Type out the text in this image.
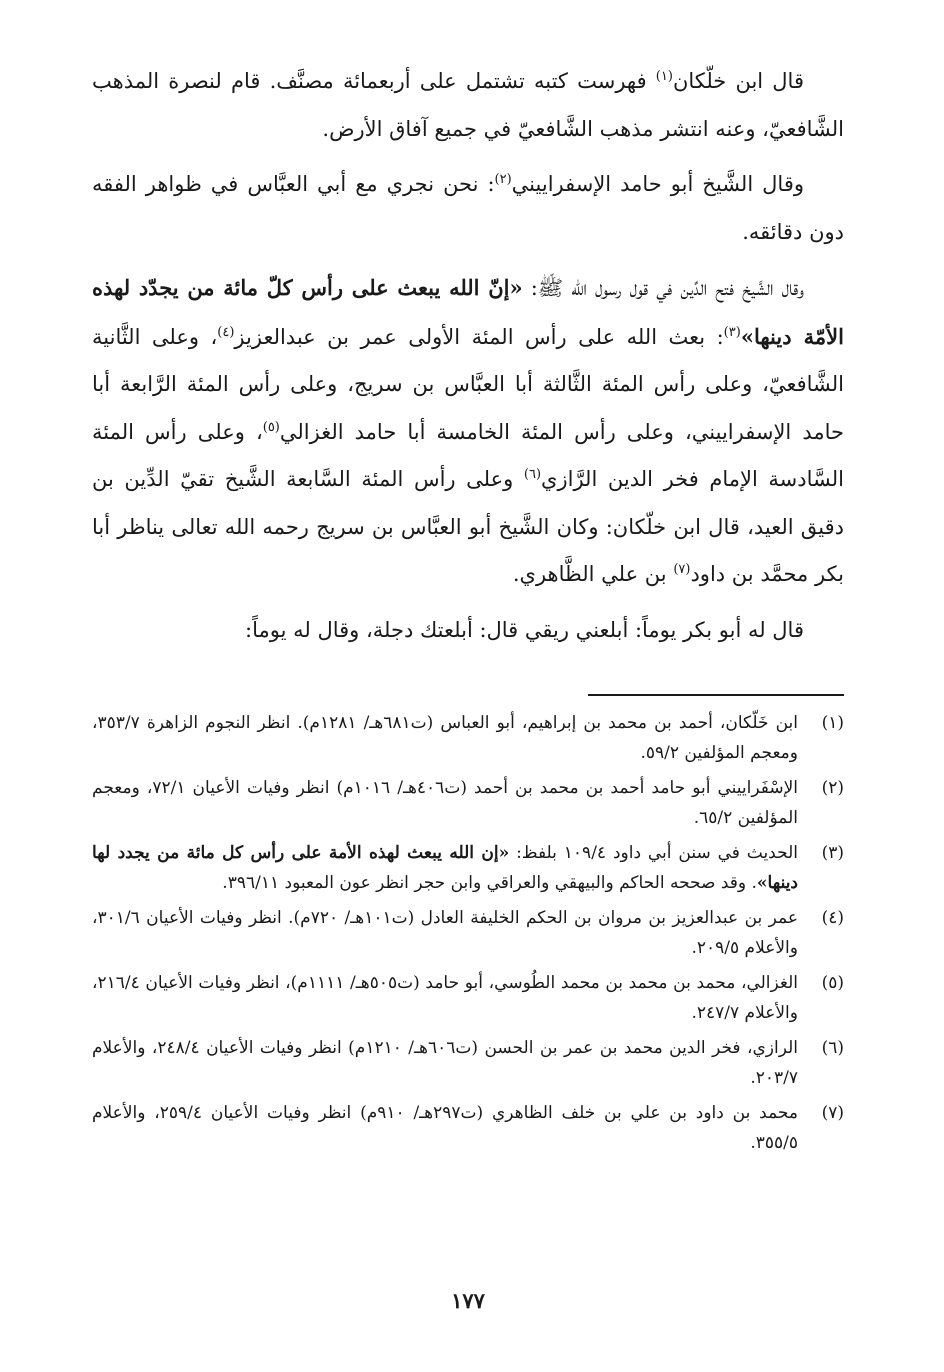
قال ابن خلّكان$^{(١)}$ فهرست كتبه تشتمل على أربعمائة مصنَّف. قام لنصرة المذهب الشَّافعيّ، وعنه انتشر مذهب الشَّافعيّ في جميع آفاق الأرض.

وقال الشَّيخ أبو حامد الإسفراييني$^{(٢)}$: نحن نجري مع أبي العبَّاس في ظواهر الفقه دون دقائقه.

وقال الشَّيخ فتح الدِّين في قول رسول الله ﷺ: «إنّ الله يبعث على رأس كلّ مائة من يجدّد لهذه الأمّة دينها»$^{(٣)}$: بعث الله على رأس المئة الأولى عمر بن عبدالعزيز$^{(٤)}$، وعلى الثَّانية الشَّافعيّ، وعلى رأس المئة الثَّالثة أبا العبَّاس بن سريج، وعلى رأس المئة الرَّابعة أبا حامد الإسفراييني، وعلى رأس المئة الخامسة أبا حامد الغزالي$^{(٥)}$، وعلى رأس المئة السَّادسة الإمام فخر الدين الرَّازي$^{(٦)}$ وعلى رأس المئة السَّابعة الشَّيخ تقيّ الدِّين بن دقيق العيد، قال ابن خلّكان: وكان الشَّيخ أبو العبَّاس بن سريج رحمه الله تعالى يناظر أبا بكر محمَّد بن داود$^{(٧)}$ بن علي الظَّاهري.

قال له أبو بكر يوماً: أبلعني ريقي قال: أبلعتك دجلة، وقال له يوماً:

(١)
ابن خَلّكان، أحمد بن محمد بن إبراهيم، أبو العباس (ت٦٨١هـ/ ١٢٨١م). انظر النجوم الزاهرة ٣٥٣/٧، ومعجم المؤلفين ٥٩/٢.
(٢)
الإسْفَراييني أبو حامد أحمد بن محمد بن أحمد (ت٤٠٦هـ/ ١٠١٦م) انظر وفيات الأعيان ٧٢/١، ومعجم المؤلفين ٦٥/٢.
(٣)
الحديث في سنن أبي داود ١٠٩/٤ بلفظ: «إن الله يبعث لهذه الأمة على رأس كل مائة من يجدد لها دينها». وقد صححه الحاكم والبيهقي والعراقي وابن حجر انظر عون المعبود ٣٩٦/١١.
(٤)
عمر بن عبدالعزيز بن مروان بن الحكم الخليفة العادل (ت١٠١هـ/ ٧٢٠م). انظر وفيات الأعيان ٣٠١/٦، والأعلام ٢٠٩/٥.
(٥)
الغزالي، محمد بن محمد بن محمد الطُوسي، أبو حامد (ت٥٠٥هـ/ ١١١١م)، انظر وفيات الأعيان ٢١٦/٤، والأعلام ٢٤٧/٧.
(٦)
الرازي، فخر الدين محمد بن عمر بن الحسن (ت٦٠٦هـ/ ١٢١٠م) انظر وفيات الأعيان ٢٤٨/٤، والأعلام ٢٠٣/٧.
(٧)
محمد بن داود بن علي بن خلف الظاهري (ت٢٩٧هـ/ ٩١٠م) انظر وفيات الأعيان ٢٥٩/٤، والأعلام ٣٥٥/٥.
١٧٧
